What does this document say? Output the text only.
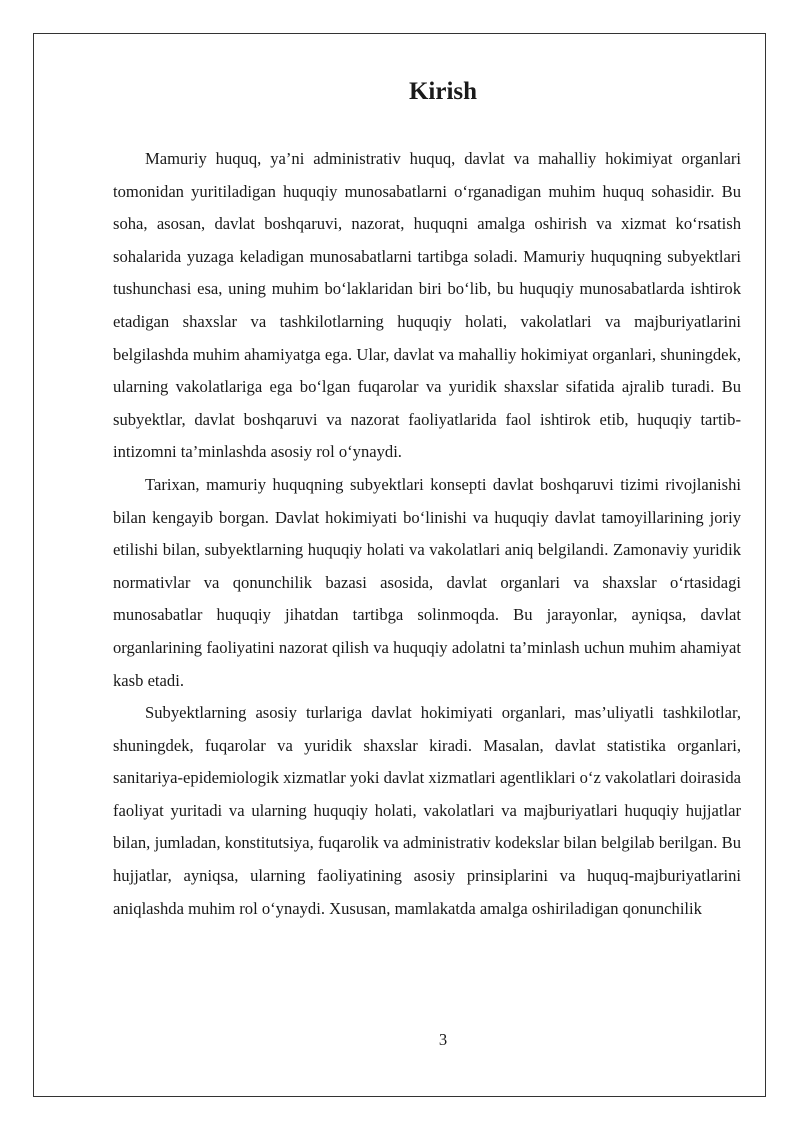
Kirish

Mamuriy huquq, ya’ni administrativ huquq, davlat va mahalliy hokimiyat organlari tomonidan yuritiladigan huquqiy munosabatlarni o‘rganadigan muhim huquq sohasidir. Bu soha, asosan, davlat boshqaruvi, nazorat, huquqni amalga oshirish va xizmat ko‘rsatish sohalarida yuzaga keladigan munosabatlarni tartibga soladi. Mamuriy huquqning subyektlari tushunchasi esa, uning muhim bo‘laklaridan biri bo‘lib, bu huquqiy munosabatlarda ishtirok etadigan shaxslar va tashkilotlarning huquqiy holati, vakolatlari va majburiyatlarini belgilashda muhim ahamiyatga ega. Ular, davlat va mahalliy hokimiyat organlari, shuningdek, ularning vakolatlariga ega bo‘lgan fuqarolar va yuridik shaxslar sifatida ajralib turadi. Bu subyektlar, davlat boshqaruvi va nazorat faoliyatlarida faol ishtirok etib, huquqiy tartib-intizomni ta’minlashda asosiy rol o‘ynaydi.

Tarixan, mamuriy huquqning subyektlari konsepti davlat boshqaruvi tizimi rivojlanishi bilan kengayib borgan. Davlat hokimiyati bo‘linishi va huquqiy davlat tamoyillarining joriy etilishi bilan, subyektlarning huquqiy holati va vakolatlari aniq belgilandi. Zamonaviy yuridik normativlar va qonunchilik bazasi asosida, davlat organlari va shaxslar o‘rtasidagi munosabatlar huquqiy jihatdan tartibga solinmoqda. Bu jarayonlar, ayniqsa, davlat organlarining faoliyatini nazorat qilish va huquqiy adolatni ta’minlash uchun muhim ahamiyat kasb etadi.

Subyektlarning asosiy turlariga davlat hokimiyati organlari, mas’uliyatli tashkilotlar, shuningdek, fuqarolar va yuridik shaxslar kiradi. Masalan, davlat statistika organlari, sanitariya-epidemiologik xizmatlar yoki davlat xizmatlari agentliklari o‘z vakolatlari doirasida faoliyat yuritadi va ularning huquqiy holati, vakolatlari va majburiyatlari huquqiy hujjatlar bilan, jumladan, konstitutsiya, fuqarolik va administrativ kodekslar bilan belgilab berilgan. Bu hujjatlar, ayniqsa, ularning faoliyatining asosiy prinsiplarini va huquq-majburiyatlarini aniqlashda muhim rol o‘ynaydi. Xususan, mamlakatda amalga oshiriladigan qonunchilik

3
